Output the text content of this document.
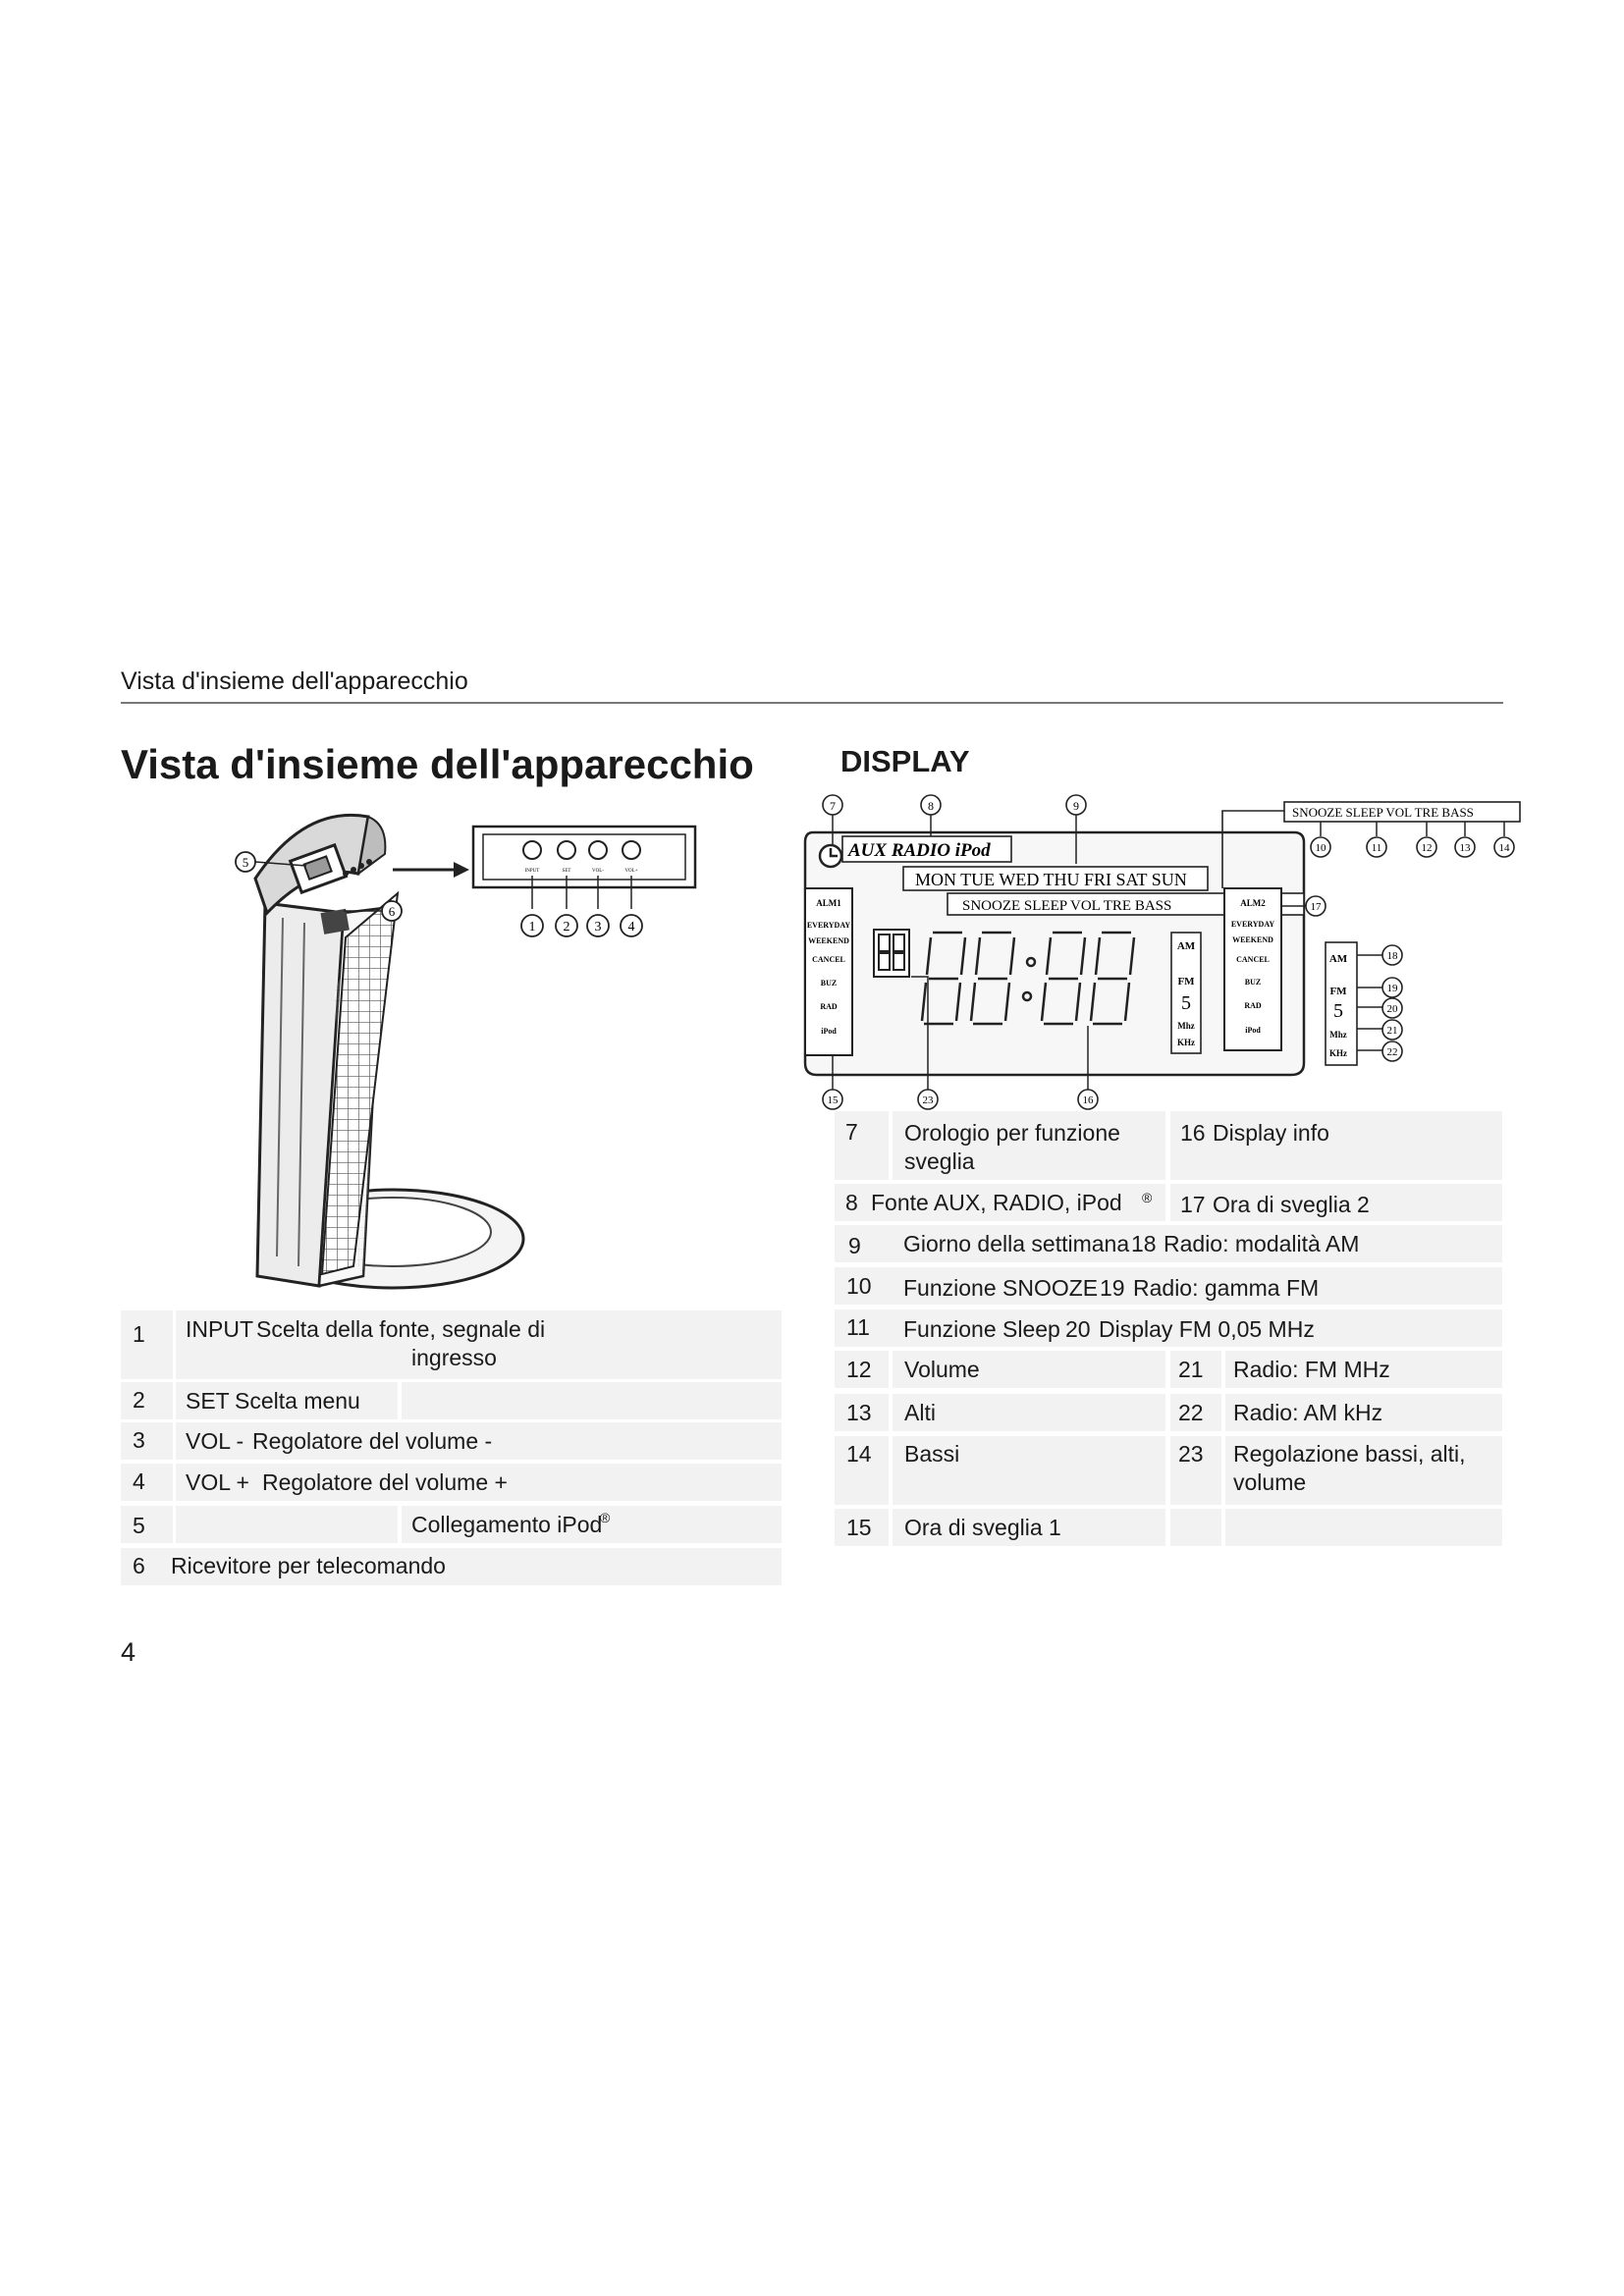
Vista d'insieme dell'apparecchio
Vista d'insieme dell'apparecchio	DISPLAY
5
6
INPUT	SET	VOL-	VOL+
1 2 3 4
7	8	9
AUX RADIO iPod
MON TUE WED THU FRI SAT SUN
SNOOZE SLEEP VOL TRE BASS
ALM1
EVERYDAY
WEEKEND
CANCEL
BUZ
RAD
iPod
AM
FM
5
Mhz
KHz
ALM2
EVERYDAY
WEEKEND
CANCEL
BUZ
RAD
iPod
AM
FM
5
Mhz
KHz
SNOOZE SLEEP VOL TRE BASS
10	11	12	13	14
17
18
19
20
21
22
15	23	16
1 INPUT Scelta della fonte, segnale di
ingresso
2 SET Scelta menu
3 VOL - Regolatore del volume -
4 VOL + Regolatore del volume +
5	Collegamento iPod
®
6 Ricevitore per telecomando
7 Orologio per funzione
sveglia
16 Display info
8 Fonte AUX, RADIO, iPod ® 17 Ora di sveglia 2
9 Giorno della settimana 18 Radio: modalità AM
10 Funzione SNOOZE 19 Radio: gamma FM
11 Funzione Sleep 20 Display FM 0,05 MHz
12 Volume	21 Radio: FM MHz
13 Alti	22 Radio: AM kHz
14 Bassi	23 Regolazione bassi, alti,
volume
15 Ora di sveglia 1
4
